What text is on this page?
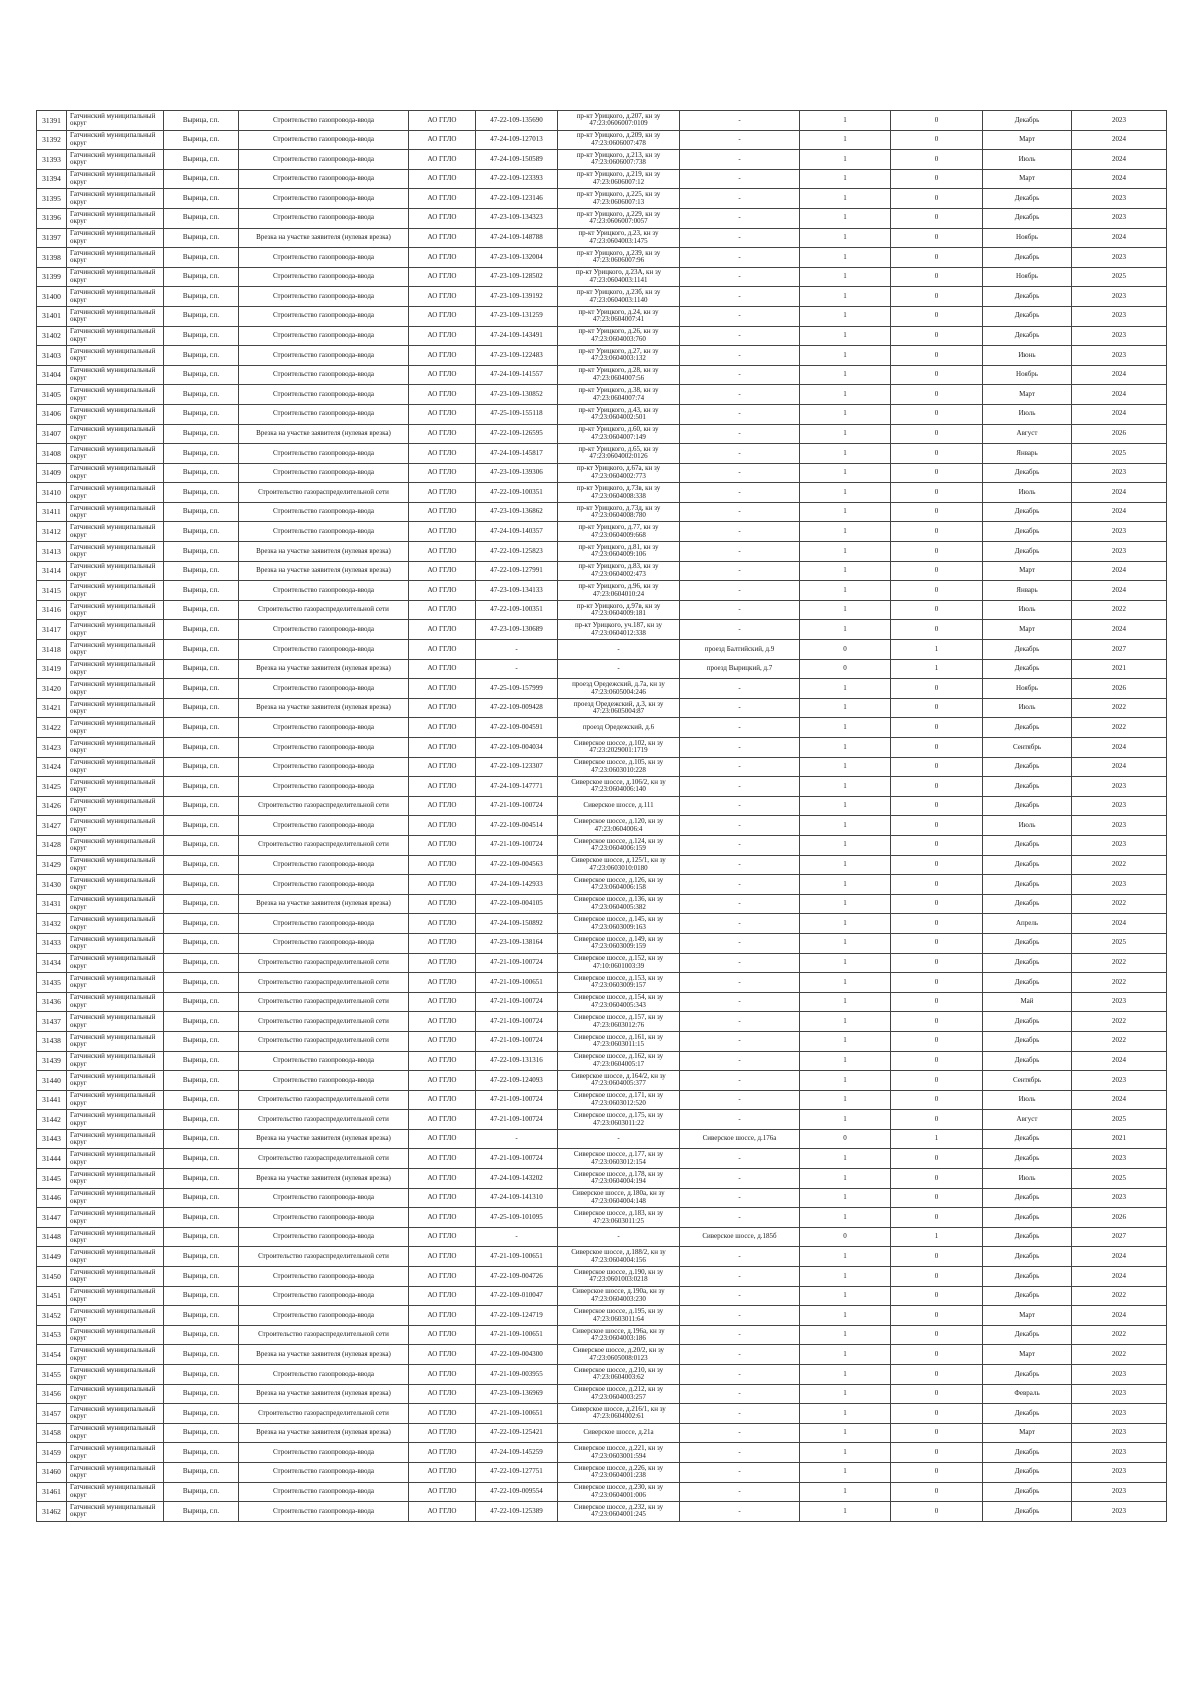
31391	Гатчинский муниципальный округ	Вырица, г.п.	Строительство газопровода-ввода	АО ГГЛО	47-22-109-135690	пр-кт Урицкого, д.207, кн зу 47:23:0606007:0109	-	1	0	Декабрь	2023
31392	Гатчинский муниципальный округ	Вырица, г.п.	Строительство газопровода-ввода	АО ГГЛО	47-24-109-127013	пр-кт Урицкого, д.209, кн зу 47:23:0606007:478	-	1	0	Март	2024
31393	Гатчинский муниципальный округ	Вырица, г.п.	Строительство газопровода-ввода	АО ГГЛО	47-24-109-150589	пр-кт Урицкого, д.213, кн зу 47:23:0606007:738	-	1	0	Июль	2024
31394	Гатчинский муниципальный округ	Вырица, г.п.	Строительство газопровода-ввода	АО ГГЛО	47-22-109-123393	пр-кт Урицкого, д.219, кн зу 47:23:0606007:12	-	1	0	Март	2024
31395	Гатчинский муниципальный округ	Вырица, г.п.	Строительство газопровода-ввода	АО ГГЛО	47-22-109-123146	пр-кт Урицкого, д.225, кн зу 47:23:0606007:13	-	1	0	Декабрь	2023
31396	Гатчинский муниципальный округ	Вырица, г.п.	Строительство газопровода-ввода	АО ГГЛО	47-23-109-134323	пр-кт Урицкого, д.229, кн зу 47:23:0606007:0057	-	1	0	Декабрь	2023
31397	Гатчинский муниципальный округ	Вырица, г.п.	Врезка на участке заявителя (нулевая врезка)	АО ГГЛО	47-24-109-148788	пр-кт Урицкого, д.23, кн зу 47:23:0604003:1475	-	1	0	Ноябрь	2024
31398	Гатчинский муниципальный округ	Вырица, г.п.	Строительство газопровода-ввода	АО ГГЛО	47-23-109-132004	пр-кт Урицкого, д.239, кн зу 47:23:0606007:96	-	1	0	Декабрь	2023
31399	Гатчинский муниципальный округ	Вырица, г.п.	Строительство газопровода-ввода	АО ГГЛО	47-23-109-128502	пр-кт Урицкого, д.23А, кн зу 47:23:0604003:1141	-	1	0	Ноябрь	2025
31400	Гатчинский муниципальный округ	Вырица, г.п.	Строительство газопровода-ввода	АО ГГЛО	47-23-109-139192	пр-кт Урицкого, д.23б, кн зу 47:23:0604003:1140	-	1	0	Декабрь	2023
31401	Гатчинский муниципальный округ	Вырица, г.п.	Строительство газопровода-ввода	АО ГГЛО	47-23-109-131259	пр-кт Урицкого, д.24, кн зу 47:23:0604007:41	-	1	0	Декабрь	2023
31402	Гатчинский муниципальный округ	Вырица, г.п.	Строительство газопровода-ввода	АО ГГЛО	47-24-109-143491	пр-кт Урицкого, д.26, кн зу 47:23:0604003:760	-	1	0	Декабрь	2023
31403	Гатчинский муниципальный округ	Вырица, г.п.	Строительство газопровода-ввода	АО ГГЛО	47-23-109-122483	пр-кт Урицкого, д.27, кн зу 47:23:0604003:132	-	1	0	Июнь	2023
31404	Гатчинский муниципальный округ	Вырица, г.п.	Строительство газопровода-ввода	АО ГГЛО	47-24-109-141557	пр-кт Урицкого, д.28, кн зу 47:23:0604007:56	-	1	0	Ноябрь	2024
31405	Гатчинский муниципальный округ	Вырица, г.п.	Строительство газопровода-ввода	АО ГГЛО	47-23-109-130852	пр-кт Урицкого, д.38, кн зу 47:23:0604007:74	-	1	0	Март	2024
31406	Гатчинский муниципальный округ	Вырица, г.п.	Строительство газопровода-ввода	АО ГГЛО	47-25-109-155118	пр-кт Урицкого, д.43, кн зу 47:23:0604002:501	-	1	0	Июль	2024
31407	Гатчинский муниципальный округ	Вырица, г.п.	Врезка на участке заявителя (нулевая врезка)	АО ГГЛО	47-22-109-126595	пр-кт Урицкого, д.60, кн зу 47:23:0604007:149	-	1	0	Август	2026
31408	Гатчинский муниципальный округ	Вырица, г.п.	Строительство газопровода-ввода	АО ГГЛО	47-24-109-145817	пр-кт Урицкого, д.65, кн зу 47:23:0604002:0126	-	1	0	Январь	2025
31409	Гатчинский муниципальный округ	Вырица, г.п.	Строительство газопровода-ввода	АО ГГЛО	47-23-109-139306	пр-кт Урицкого, д.67а, кн зу 47:23:0604002:773	-	1	0	Декабрь	2023
31410	Гатчинский муниципальный округ	Вырица, г.п.	Строительство газораспределительной сети	АО ГГЛО	47-22-109-100351	пр-кт Урицкого, д.73в, кн зу 47:23:0604008:338	-	1	0	Июль	2024
31411	Гатчинский муниципальный округ	Вырица, г.п.	Строительство газопровода-ввода	АО ГГЛО	47-23-109-136862	пр-кт Урицкого, д.73д, кн зу 47:23:0604008:780	-	1	0	Декабрь	2024
31412	Гатчинский муниципальный округ	Вырица, г.п.	Строительство газопровода-ввода	АО ГГЛО	47-24-109-140357	пр-кт Урицкого, д.77, кн зу 47:23:0604009:668	-	1	0	Декабрь	2023
31413	Гатчинский муниципальный округ	Вырица, г.п.	Врезка на участке заявителя (нулевая врезка)	АО ГГЛО	47-22-109-125823	пр-кт Урицкого, д.81, кн зу 47:23:0604009:106	-	1	0	Декабрь	2023
31414	Гатчинский муниципальный округ	Вырица, г.п.	Врезка на участке заявителя (нулевая врезка)	АО ГГЛО	47-22-109-127991	пр-кт Урицкого, д.83, кн зу 47:23:0604002:473	-	1	0	Март	2024
31415	Гатчинский муниципальный округ	Вырица, г.п.	Строительство газопровода-ввода	АО ГГЛО	47-23-109-134133	пр-кт Урицкого, д.96, кн зу 47:23:0604010:24	-	1	0	Январь	2024
31416	Гатчинский муниципальный округ	Вырица, г.п.	Строительство газораспределительной сети	АО ГГЛО	47-22-109-100351	пр-кт Урицкого, д.97в, кн зу 47:23:0604009:181	-	1	0	Июль	2022
31417	Гатчинский муниципальный округ	Вырица, г.п.	Строительство газопровода-ввода	АО ГГЛО	47-23-109-130689	пр-кт Урицкого, уч.187, кн зу 47:23:0604012:338	-	1	0	Март	2024
31418	Гатчинский муниципальный округ	Вырица, г.п.	Строительство газопровода-ввода	АО ГГЛО	-	-	проезд Балтийский, д.9	0	1	Декабрь	2027
31419	Гатчинский муниципальный округ	Вырица, г.п.	Врезка на участке заявителя (нулевая врезка)	АО ГГЛО	-	-	проезд Вырицкий, д.7	0	1	Декабрь	2021
31420	Гатчинский муниципальный округ	Вырица, г.п.	Строительство газопровода-ввода	АО ГГЛО	47-25-109-157999	проезд Оредежский, д.7а, кн зу 47:23:0605004:246	-	1	0	Ноябрь	2026
31421	Гатчинский муниципальный округ	Вырица, г.п.	Врезка на участке заявителя (нулевая врезка)	АО ГГЛО	47-22-109-009428	проезд Оредежский, д.3, кн зу 47:23:0605004:87	-	1	0	Июль	2022
31422	Гатчинский муниципальный округ	Вырица, г.п.	Строительство газопровода-ввода	АО ГГЛО	47-22-109-004591	проезд Оредежский, д.6	-	1	0	Декабрь	2022
31423	Гатчинский муниципальный округ	Вырица, г.п.	Строительство газопровода-ввода	АО ГГЛО	47-22-109-004034	Сиверское шоссе, д.102, кн зу 47:23:2029001:1719	-	1	0	Сентябрь	2024
31424	Гатчинский муниципальный округ	Вырица, г.п.	Строительство газопровода-ввода	АО ГГЛО	47-22-109-123307	Сиверское шоссе, д.105, кн зу 47:23:0603010:228	-	1	0	Декабрь	2024
31425	Гатчинский муниципальный округ	Вырица, г.п.	Строительство газопровода-ввода	АО ГГЛО	47-24-109-147771	Сиверское шоссе, д.106/2, кн зу 47:23:0604006:140	-	1	0	Декабрь	2023
31426	Гатчинский муниципальный округ	Вырица, г.п.	Строительство газораспределительной сети	АО ГГЛО	47-21-109-100724	Сиверское шоссе, д.111	-	1	0	Декабрь	2023
31427	Гатчинский муниципальный округ	Вырица, г.п.	Строительство газопровода-ввода	АО ГГЛО	47-22-109-004514	Сиверское шоссе, д.120, кн зу 47:23:0604006:4	-	1	0	Июль	2023
31428	Гатчинский муниципальный округ	Вырица, г.п.	Строительство газораспределительной сети	АО ГГЛО	47-21-109-100724	Сиверское шоссе, д.124, кн зу 47:23:0604006:159	-	1	0	Декабрь	2023
31429	Гатчинский муниципальный округ	Вырица, г.п.	Строительство газопровода-ввода	АО ГГЛО	47-22-109-004563	Сиверское шоссе, д.125/1, кн зу 47:23:0603010:0180	-	1	0	Декабрь	2022
31430	Гатчинский муниципальный округ	Вырица, г.п.	Строительство газопровода-ввода	АО ГГЛО	47-24-109-142933	Сиверское шоссе, д.126, кн зу 47:23:0604006:158	-	1	0	Декабрь	2023
31431	Гатчинский муниципальный округ	Вырица, г.п.	Врезка на участке заявителя (нулевая врезка)	АО ГГЛО	47-22-109-004105	Сиверское шоссе, д.136, кн зу 47:23:0604005:382	-	1	0	Декабрь	2022
31432	Гатчинский муниципальный округ	Вырица, г.п.	Строительство газопровода-ввода	АО ГГЛО	47-24-109-150892	Сиверское шоссе, д.145, кн зу 47:23:0603009:163	-	1	0	Апрель	2024
31433	Гатчинский муниципальный округ	Вырица, г.п.	Строительство газопровода-ввода	АО ГГЛО	47-23-109-138164	Сиверское шоссе, д.149, кн зу 47:23:0603009:159	-	1	0	Декабрь	2025
31434	Гатчинский муниципальный округ	Вырица, г.п.	Строительство газораспределительной сети	АО ГГЛО	47-21-109-100724	Сиверское шоссе, д.152, кн зу 47:10:0601003:39	-	1	0	Декабрь	2022
31435	Гатчинский муниципальный округ	Вырица, г.п.	Строительство газораспределительной сети	АО ГГЛО	47-21-109-100651	Сиверское шоссе, д.153, кн зу 47:23:0603009:157	-	1	0	Декабрь	2022
31436	Гатчинский муниципальный округ	Вырица, г.п.	Строительство газораспределительной сети	АО ГГЛО	47-21-109-100724	Сиверское шоссе, д.154, кн зу 47:23:0604005:343	-	1	0	Май	2023
31437	Гатчинский муниципальный округ	Вырица, г.п.	Строительство газораспределительной сети	АО ГГЛО	47-21-109-100724	Сиверское шоссе, д.157, кн зу 47:23:0603012:76	-	1	0	Декабрь	2022
31438	Гатчинский муниципальный округ	Вырица, г.п.	Строительство газораспределительной сети	АО ГГЛО	47-21-109-100724	Сиверское шоссе, д.161, кн зу 47:23:0603011:15	-	1	0	Декабрь	2022
31439	Гатчинский муниципальный округ	Вырица, г.п.	Строительство газопровода-ввода	АО ГГЛО	47-22-109-131316	Сиверское шоссе, д.162, кн зу 47:23:0604005:17	-	1	0	Декабрь	2024
31440	Гатчинский муниципальный округ	Вырица, г.п.	Строительство газопровода-ввода	АО ГГЛО	47-22-109-124093	Сиверское шоссе, д.164/2, кн зу 47:23:0604005:377	-	1	0	Сентябрь	2023
31441	Гатчинский муниципальный округ	Вырица, г.п.	Строительство газораспределительной сети	АО ГГЛО	47-21-109-100724	Сиверское шоссе, д.171, кн зу 47:23:0603012:520	-	1	0	Июль	2024
31442	Гатчинский муниципальный округ	Вырица, г.п.	Строительство газораспределительной сети	АО ГГЛО	47-21-109-100724	Сиверское шоссе, д.175, кн зу 47:23:0603011:22	-	1	0	Август	2025
31443	Гатчинский муниципальный округ	Вырица, г.п.	Врезка на участке заявителя (нулевая врезка)	АО ГГЛО	-	-	Сиверское шоссе, д.176а	0	1	Декабрь	2021
31444	Гатчинский муниципальный округ	Вырица, г.п.	Строительство газораспределительной сети	АО ГГЛО	47-21-109-100724	Сиверское шоссе, д.177, кн зу 47:23:0603012:154	-	1	0	Декабрь	2023
31445	Гатчинский муниципальный округ	Вырица, г.п.	Врезка на участке заявителя (нулевая врезка)	АО ГГЛО	47-24-109-143202	Сиверское шоссе, д.178, кн зу 47:23:0604004:194	-	1	0	Июль	2025
31446	Гатчинский муниципальный округ	Вырица, г.п.	Строительство газопровода-ввода	АО ГГЛО	47-24-109-141310	Сиверское шоссе, д.180а, кн зу 47:23:0604004:148	-	1	0	Декабрь	2023
31447	Гатчинский муниципальный округ	Вырица, г.п.	Строительство газопровода-ввода	АО ГГЛО	47-25-109-101095	Сиверское шоссе, д.183, кн зу 47:23:0603011:25	-	1	0	Декабрь	2026
31448	Гатчинский муниципальный округ	Вырица, г.п.	Строительство газопровода-ввода	АО ГГЛО	-	-	Сиверское шоссе, д.185б	0	1	Декабрь	2027
31449	Гатчинский муниципальный округ	Вырица, г.п.	Строительство газораспределительной сети	АО ГГЛО	47-21-109-100651	Сиверское шоссе, д.188/2, кн зу 47:23:0604004:156	-	1	0	Декабрь	2024
31450	Гатчинский муниципальный округ	Вырица, г.п.	Строительство газопровода-ввода	АО ГГЛО	47-22-109-004726	Сиверское шоссе, д.190, кн зу 47:23:0601003:0218	-	1	0	Декабрь	2024
31451	Гатчинский муниципальный округ	Вырица, г.п.	Строительство газопровода-ввода	АО ГГЛО	47-22-109-010047	Сиверское шоссе, д.190а, кн зу 47:23:0604003:230	-	1	0	Декабрь	2022
31452	Гатчинский муниципальный округ	Вырица, г.п.	Строительство газопровода-ввода	АО ГГЛО	47-22-109-124719	Сиверское шоссе, д.195, кн зу 47:23:0603011:64	-	1	0	Март	2024
31453	Гатчинский муниципальный округ	Вырица, г.п.	Строительство газораспределительной сети	АО ГГЛО	47-21-109-100651	Сиверское шоссе, д.196а, кн зу 47:23:0604003:186	-	1	0	Декабрь	2022
31454	Гатчинский муниципальный округ	Вырица, г.п.	Врезка на участке заявителя (нулевая врезка)	АО ГГЛО	47-22-109-004300	Сиверское шоссе, д.20/2, кн зу 47:23:0605008:0123	-	1	0	Март	2022
31455	Гатчинский муниципальный округ	Вырица, г.п.	Строительство газопровода-ввода	АО ГГЛО	47-21-109-003955	Сиверское шоссе, д.210, кн зу 47:23:0604003:62	-	1	0	Декабрь	2023
31456	Гатчинский муниципальный округ	Вырица, г.п.	Врезка на участке заявителя (нулевая врезка)	АО ГГЛО	47-23-109-136969	Сиверское шоссе, д.212, кн зу 47:23:0604003:257	-	1	0	Февраль	2023
31457	Гатчинский муниципальный округ	Вырица, г.п.	Строительство газораспределительной сети	АО ГГЛО	47-21-109-100651	Сиверское шоссе, д.216/1, кн зу 47:23:0604002:61	-	1	0	Декабрь	2023
31458	Гатчинский муниципальный округ	Вырица, г.п.	Врезка на участке заявителя (нулевая врезка)	АО ГГЛО	47-22-109-125421	Сиверское шоссе, д.21а	-	1	0	Март	2023
31459	Гатчинский муниципальный округ	Вырица, г.п.	Строительство газопровода-ввода	АО ГГЛО	47-24-109-145259	Сиверское шоссе, д.221, кн зу 47:23:0603001:594	-	1	0	Декабрь	2023
31460	Гатчинский муниципальный округ	Вырица, г.п.	Строительство газопровода-ввода	АО ГГЛО	47-22-109-127751	Сиверское шоссе, д.226, кн зу 47:23:0604001:238	-	1	0	Декабрь	2023
31461	Гатчинский муниципальный округ	Вырица, г.п.	Строительство газопровода-ввода	АО ГГЛО	47-22-109-009554	Сиверское шоссе, д.230, кн зу 47:23:0604001:006	-	1	0	Декабрь	2023
31462	Гатчинский муниципальный округ	Вырица, г.п.	Строительство газопровода-ввода	АО ГГЛО	47-22-109-125389	Сиверское шоссе, д.232, кн зу 47:23:0604001:245	-	1	0	Декабрь	2023
